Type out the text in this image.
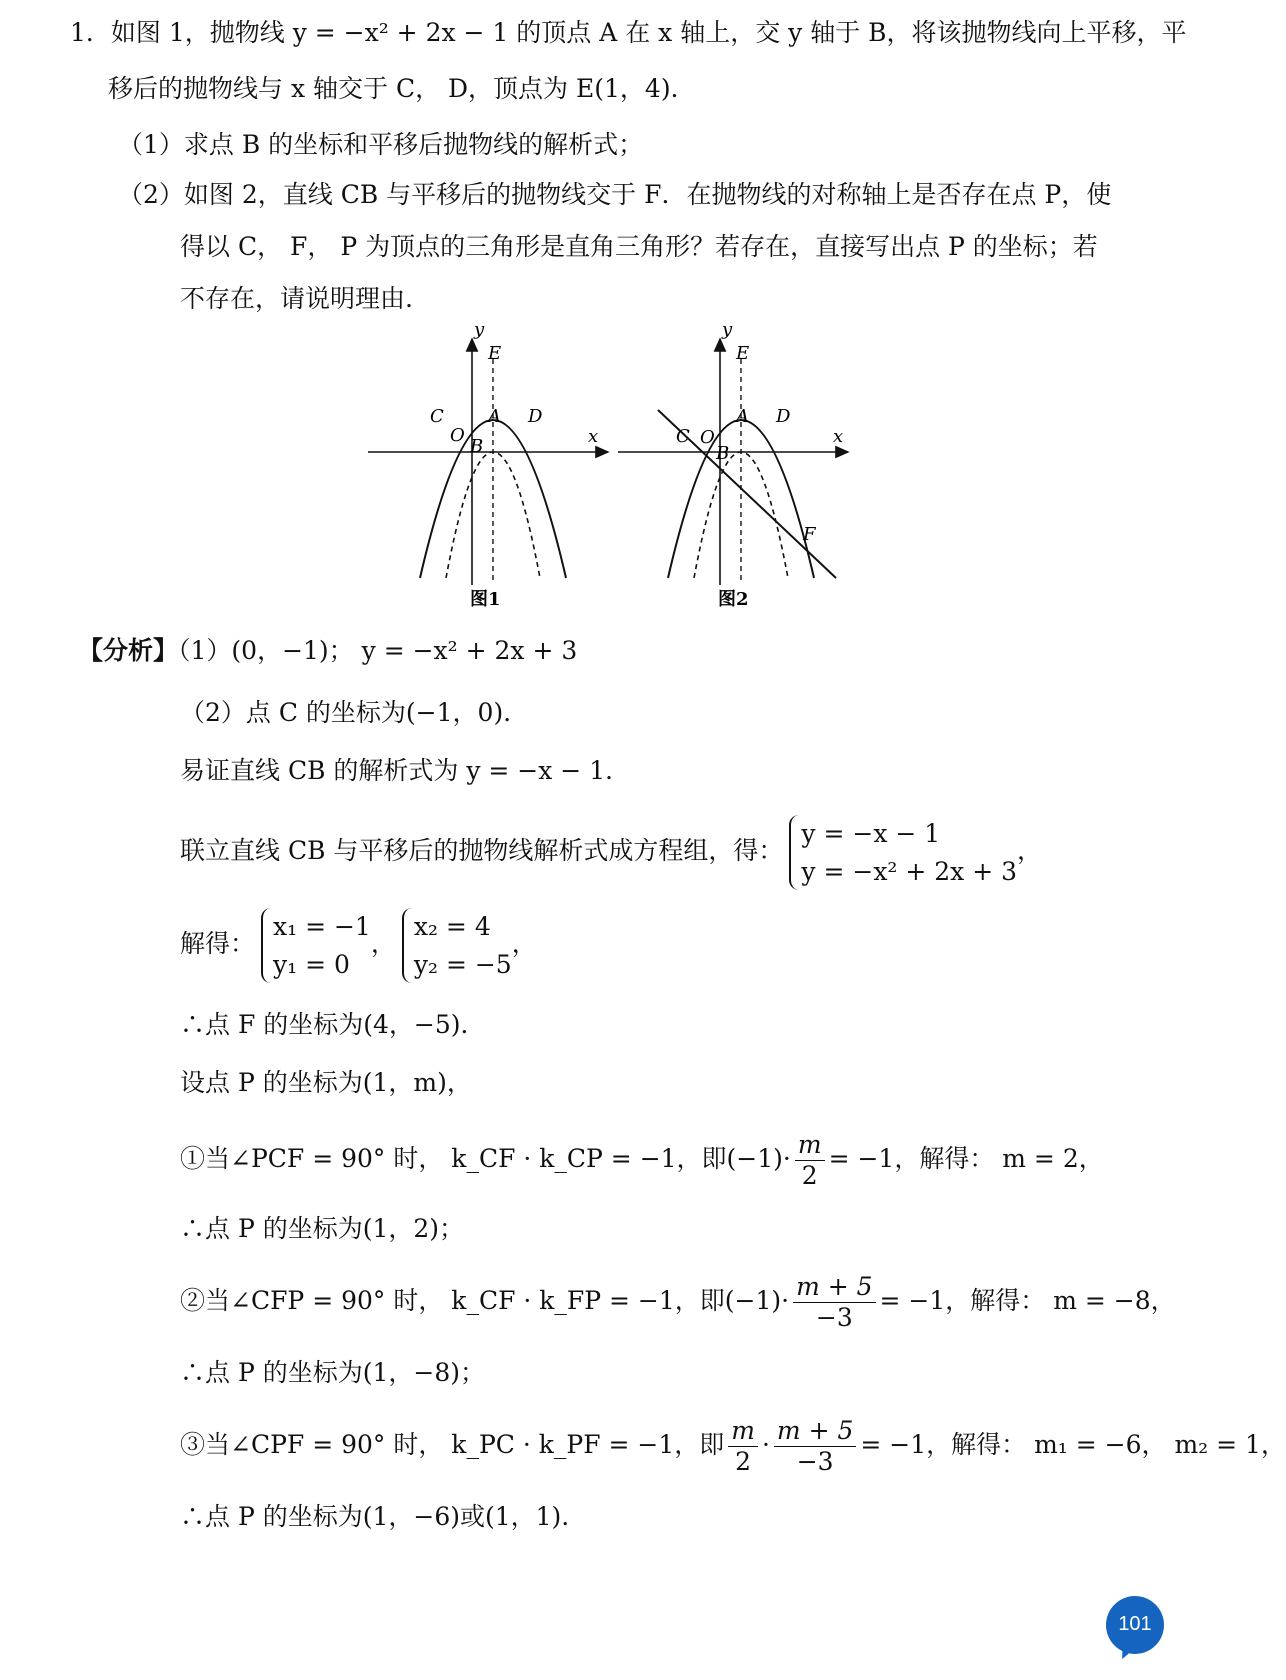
1．如图 1，抛物线 y = −x² + 2x − 1 的顶点 A 在 x 轴上，交 y 轴于 B，将该抛物线向上平移，平
移后的抛物线与 x 轴交于 C， D，顶点为 E(1，4)．
（1）求点 B 的坐标和平移后抛物线的解析式；
（2）如图 2，直线 CB 与平移后的抛物线交于 F．在抛物线的对称轴上是否存在点 P，使
得以 C， F， P 为顶点的三角形是直角三角形？若存在，直接写出点 P 的坐标；若
不存在，请说明理由.
y
E
C A D
O
B	x
图1
y
E
C
A D
O
B
F
x
图2
【分析】（1）(0，−1)； y = −x² + 2x + 3
（2）点 C 的坐标为(−1，0)．
易证直线 CB 的解析式为 y = −x − 1．
联立直线 CB 与平移后的抛物线解析式成方程组，得：
y = −x − 1
y = −x² + 2x + 3
，
解得：
x₁ = −1
y₁ = 0
，
x₂ = 4
y₂ = −5
，
∴点 F 的坐标为(4，−5)．
设点 P 的坐标为(1，m)，
①当∠PCF = 90° 时， k_CF · k_CP = −1，即$(-1)\cdot \frac{m}{2} = -1$，解得： m = 2，
∴点 P 的坐标为(1，2)；
②当∠CFP = 90° 时， k_CF · k_FP = −1，即$(-1)\cdot \frac{m + 5}{-3} = -1$，解得： m = −8，
∴点 P 的坐标为(1，−8)；
③当∠CPF = 90° 时， k_PC · k_PF = −1，即 $\frac{m}{2} \cdot \frac{m + 5}{-3} = -1$，解得： m₁ = −6， m₂ = 1，
∴点 P 的坐标为(1，−6)或(1，1).
101
